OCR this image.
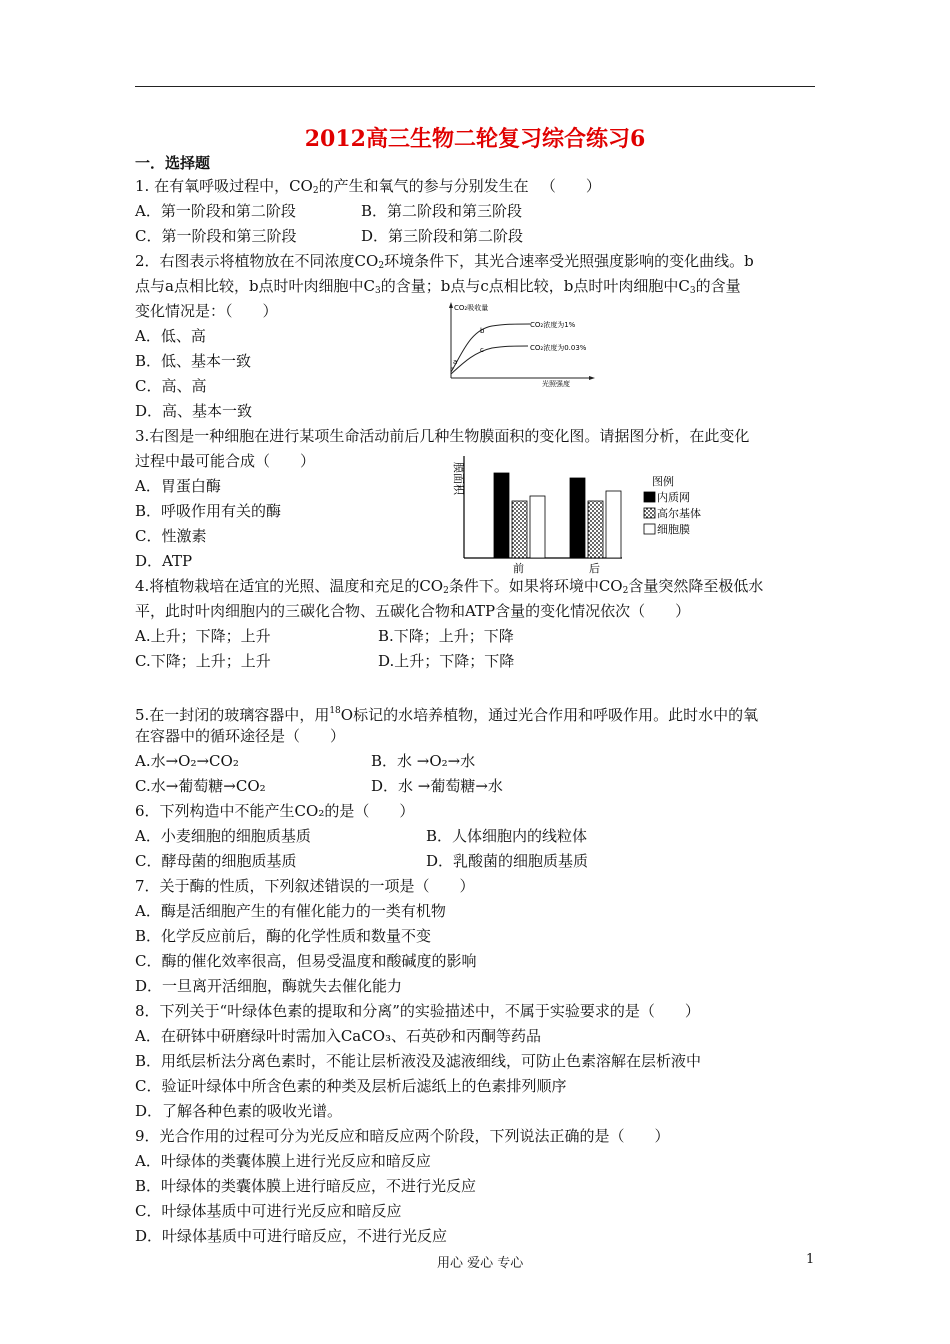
2012高三生物二轮复习综合练习6
一．选择题
1. 在有氧呼吸过程中，$CO_2$的产生和氧气的参与分别发生在 　（　　）
A．第一阶段和第二阶段	B．第二阶段和第三阶段
C．第一阶段和第三阶段	D．第三阶段和第二阶段
2．右图表示将植物放在不同浓度$CO_2$环境条件下，其光合速率受光照强度影响的变化曲线。b
点与a点相比较，b点时叶肉细胞中$C_3$的含量；b点与c点相比较，b点时叶肉细胞中$C_3$的含量
变化情况是：（　　）
A．低、高
B．低、基本一致
C．高、高
D．高、基本一致
CO₂吸收量
光照强度
CO₂浓度为1%
CO₂浓度为0.03%
a
b
c
3.右图是一种细胞在进行某项生命活动前后几种生物膜面积的变化图。请据图分析，在此变化
过程中最可能合成（　　）
A．胃蛋白酶
B．呼吸作用有关的酶
C．性激素
D．ATP	前	后
膜面积	图例
内质网
高尔基体
细胞膜
4.将植物栽培在适宜的光照、温度和充足的$CO_2$条件下。如果将环境中$CO_2$含量突然降至极低水
平，此时叶肉细胞内的三碳化合物、五碳化合物和ATP含量的变化情况依次（　　）
A.上升；下降；上升	B.下降；上升；下降
C.下降；上升；上升	D.上升；下降；下降
5.在一封闭的玻璃容器中，用$^{18}$O标记的水培养植物，通过光合作用和呼吸作用。此时水中的氧
在容器中的循环途径是（　　）
A.水→O₂→CO₂	B．水 →O₂→水
C.水→葡萄糖→CO₂	D．水 →葡萄糖→水
6．下列构造中不能产生CO₂的是（　　）
A．小麦细胞的细胞质基质	B．人体细胞内的线粒体
C．酵母菌的细胞质基质	D．乳酸菌的细胞质基质
7．关于酶的性质，下列叙述错误的一项是（　　）
A．酶是活细胞产生的有催化能力的一类有机物
B．化学反应前后，酶的化学性质和数量不变
C．酶的催化效率很高，但易受温度和酸碱度的影响
D．一旦离开活细胞，酶就失去催化能力
8．下列关于“叶绿体色素的提取和分离”的实验描述中，不属于实验要求的是（　　）
A．在研钵中研磨绿叶时需加入CaCO₃、石英砂和丙酮等药品
B．用纸层析法分离色素时，不能让层析液没及滤液细线，可防止色素溶解在层析液中
C．验证叶绿体中所含色素的种类及层析后滤纸上的色素排列顺序
D．了解各种色素的吸收光谱。
9．光合作用的过程可分为光反应和暗反应两个阶段，下列说法正确的是（　　）
A．叶绿体的类囊体膜上进行光反应和暗反应
B．叶绿体的类囊体膜上进行暗反应，不进行光反应
C．叶绿体基质中可进行光反应和暗反应
D．叶绿体基质中可进行暗反应，不进行光反应
用心 爱心 专心	1
